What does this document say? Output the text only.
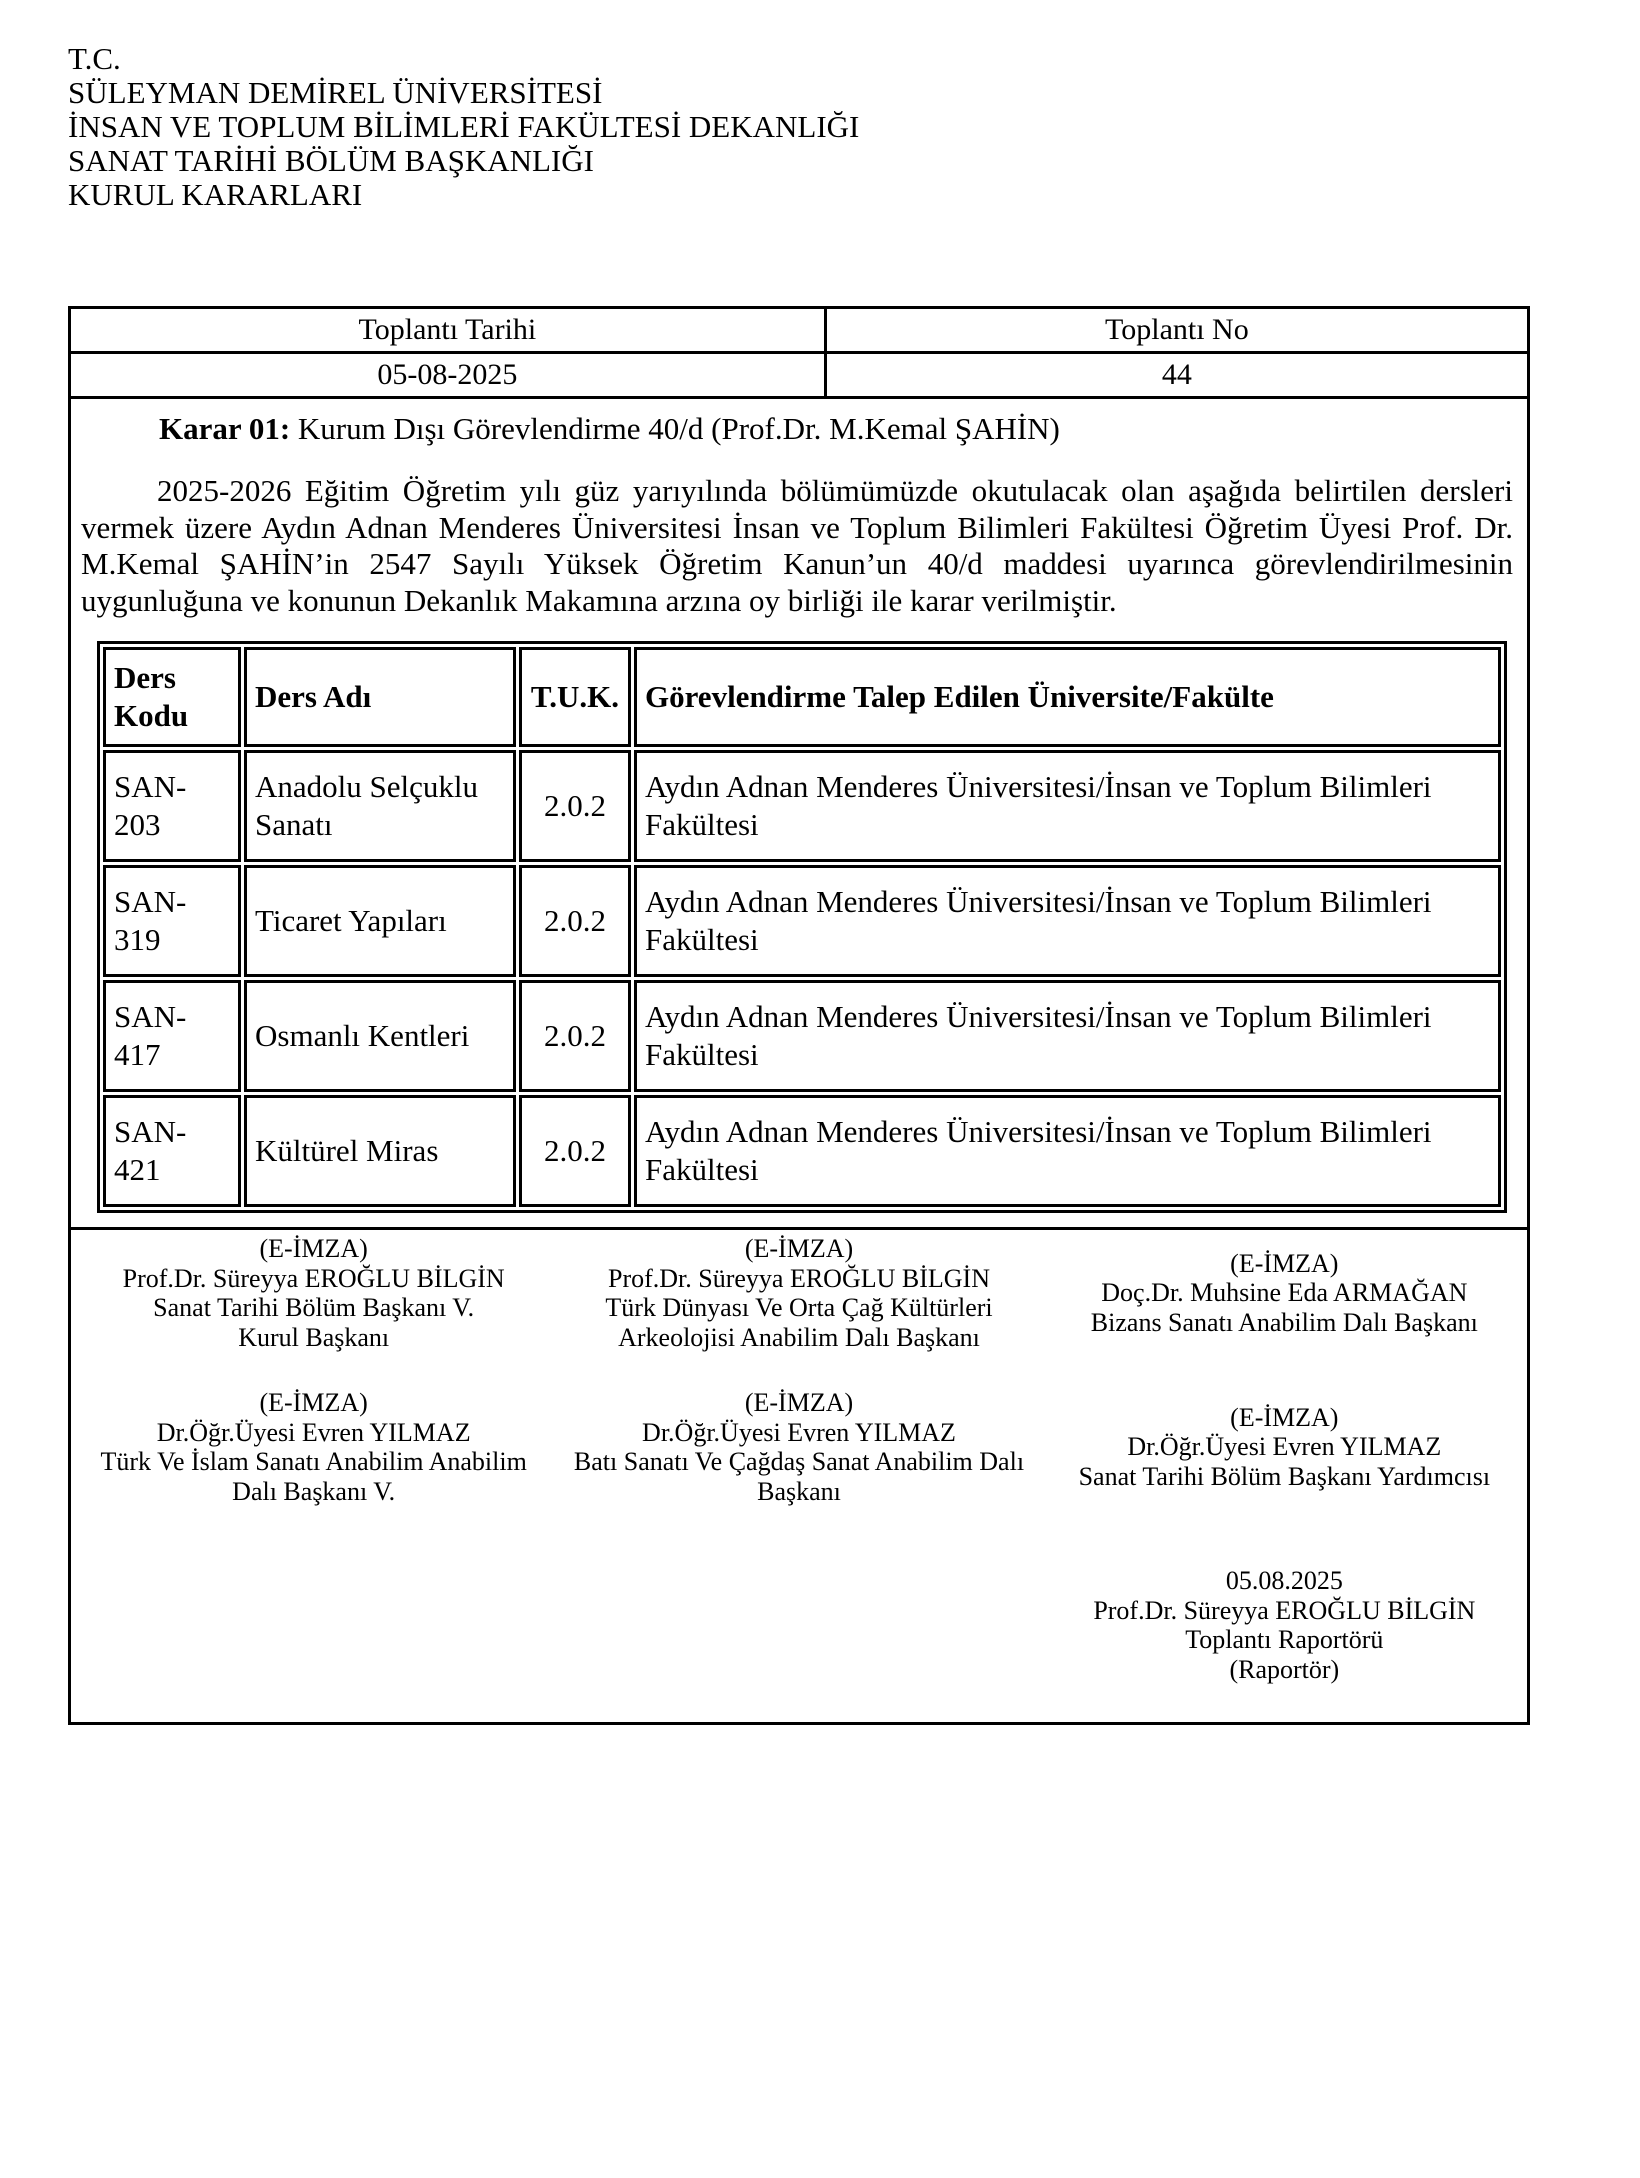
T.C.
SÜLEYMAN DEMİREL ÜNİVERSİTESİ
İNSAN VE TOPLUM BİLİMLERİ FAKÜLTESİ DEKANLIĞI
SANAT TARİHİ BÖLÜM BAŞKANLIĞI
KURUL KARARLARI
Toplantı Tarihi	Toplantı No
05-08-2025	44
Karar 01: Kurum Dışı Görevlendirme 40/d (Prof.Dr. M.Kemal ŞAHİN)

2025-2026 Eğitim Öğretim yılı güz yarıyılında bölümümüzde okutulacak olan aşağıda belirtilen dersleri vermek üzere Aydın Adnan Menderes Üniversitesi İnsan ve Toplum Bilimleri Fakültesi Öğretim Üyesi Prof. Dr. M.Kemal ŞAHİN’in 2547 Sayılı Yüksek Öğretim Kanun’un 40/d maddesi uyarınca görevlendirilmesinin uygunluğuna ve konunun Dekanlık Makamına arzına oy birliği ile karar verilmiştir.

Ders Kodu	Ders Adı	T.U.K.	Görevlendirme Talep Edilen Üniversite/Fakülte
SAN-203	Anadolu Selçuklu Sanatı	2.0.2	Aydın Adnan Menderes Üniversitesi/İnsan ve Toplum Bilimleri Fakültesi
SAN-319	Ticaret Yapıları	2.0.2	Aydın Adnan Menderes Üniversitesi/İnsan ve Toplum Bilimleri Fakültesi
SAN-417	Osmanlı Kentleri	2.0.2	Aydın Adnan Menderes Üniversitesi/İnsan ve Toplum Bilimleri Fakültesi
SAN-421	Kültürel Miras	2.0.2	Aydın Adnan Menderes Üniversitesi/İnsan ve Toplum Bilimleri Fakültesi
(E-İMZA)
Prof.Dr. Süreyya EROĞLU BİLGİN
Sanat Tarihi Bölüm Başkanı V.
Kurul Başkanı
(E-İMZA)
Prof.Dr. Süreyya EROĞLU BİLGİN
Türk Dünyası Ve Orta Çağ Kültürleri
Arkeolojisi Anabilim Dalı Başkanı
(E-İMZA)
Doç.Dr. Muhsine Eda ARMAĞAN
Bizans Sanatı Anabilim Dalı Başkanı
(E-İMZA)
Dr.Öğr.Üyesi Evren YILMAZ
Türk Ve İslam Sanatı Anabilim Anabilim
Dalı Başkanı V.
(E-İMZA)
Dr.Öğr.Üyesi Evren YILMAZ
Batı Sanatı Ve Çağdaş Sanat Anabilim Dalı
Başkanı
(E-İMZA)
Dr.Öğr.Üyesi Evren YILMAZ
Sanat Tarihi Bölüm Başkanı Yardımcısı
05.08.2025
Prof.Dr. Süreyya EROĞLU BİLGİN
Toplantı Raportörü
(Raportör)
